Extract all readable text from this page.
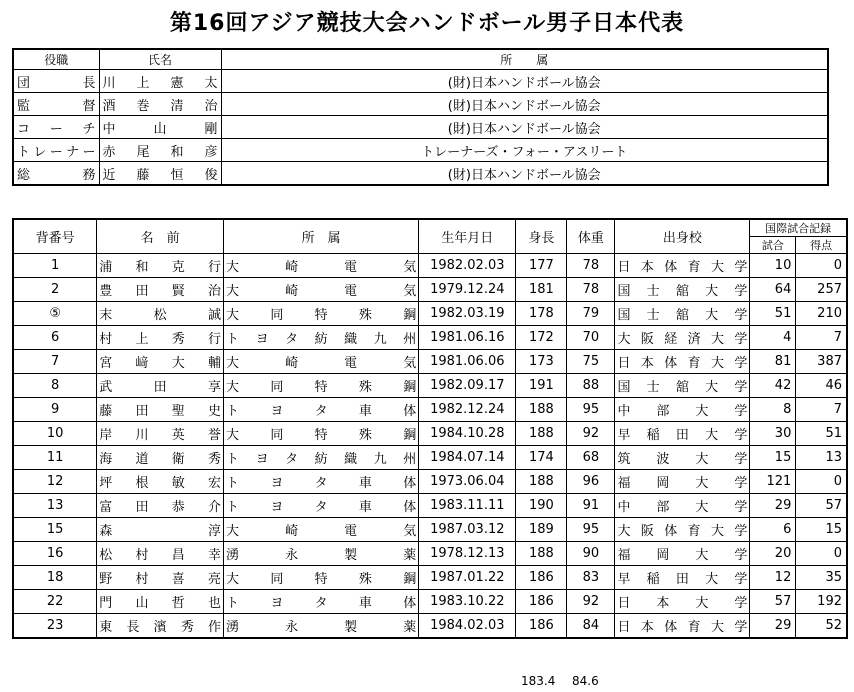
第16回アジア競技大会ハンドボール男子日本代表
役職	氏名	所　　属
団長	川上憲太	(財)日本ハンドボール協会
監督	酒巻清治	(財)日本ハンドボール協会
コーチ	中山剛	(財)日本ハンドボール協会
トレーナー	赤尾和彦	トレーナーズ・フォー・アスリート
総務	近藤恒俊	(財)日本ハンドボール協会
背番号	名　前	所　属	生年月日	身長	体重	出身校	国際試合記録	
							試合	得点
1	浦和克行	大崎電気	1982.02.03	177	78	日本体育大学	10	0
2	豊田賢治	大崎電気	1979.12.24	181	78	国士舘大学	64	257
⑤	末松誠	大同特殊鋼	1982.03.19	178	79	国士舘大学	51	210
6	村上秀行	トヨタ紡織九州	1981.06.16	172	70	大阪経済大学	4	7
7	宮﨑大輔	大崎電気	1981.06.06	173	75	日本体育大学	81	387
8	武田享	大同特殊鋼	1982.09.17	191	88	国士舘大学	42	46
9	藤田聖史	トヨタ車体	1982.12.24	188	95	中部大学	8	7
10	岸川英誉	大同特殊鋼	1984.10.28	188	92	早稲田大学	30	51
11	海道衛秀	トヨタ紡織九州	1984.07.14	174	68	筑波大学	15	13
12	坪根敏宏	トヨタ車体	1973.06.04	188	96	福岡大学	121	0
13	富田恭介	トヨタ車体	1983.11.11	190	91	中部大学	29	57
15	森淳	大崎電気	1987.03.12	189	95	大阪体育大学	6	15
16	松村昌幸	湧永製薬	1978.12.13	188	90	福岡大学	20	0
18	野村喜亮	大同特殊鋼	1987.01.22	186	83	早稲田大学	12	35
22	門山哲也	トヨタ車体	1983.10.22	186	92	日本大学	57	192
23	東長濱秀作	湧永製薬	1984.02.03	186	84	日本体育大学	29	52
183.4 84.6
